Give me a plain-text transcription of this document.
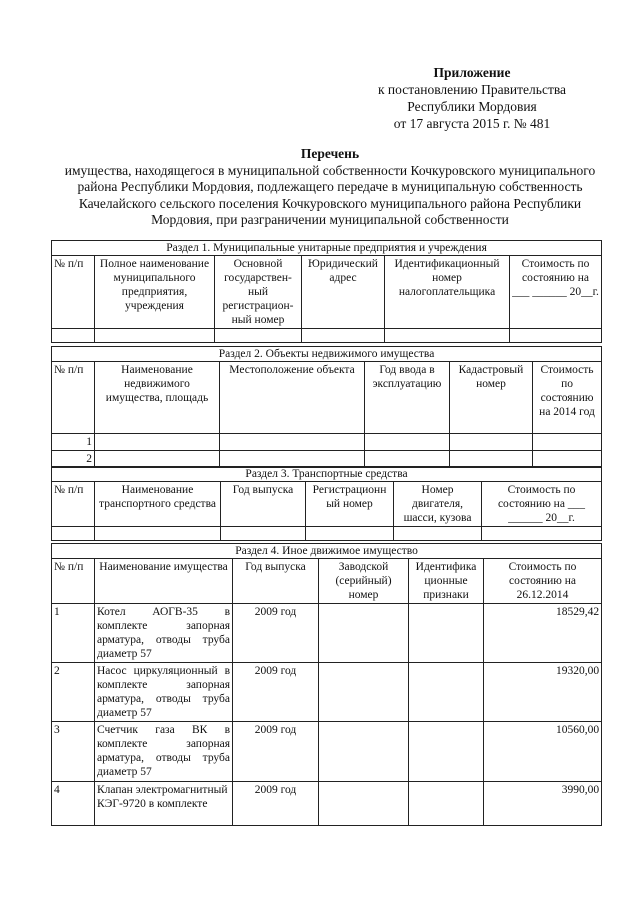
Приложение
к постановлению Правительства
Республики Мордовия
от 17 августа 2015 г. № 481
Перечень
имущества, находящегося в муниципальной собственности Кочкуровского муниципального района Республики Мордовия, подлежащего передаче в муниципальную собственность Качелайского сельского поселения Кочкуровского муниципального района Республики Мордовия, при разграничении муниципальной собственности
Раздел 1. Муниципальные унитарные предприятия и учреждения					
№ п/п	Полное наименование муниципального предприятия, учреждения	Основной государствен-ный регистрацион-ный номер	Юридический адрес	Идентификационный номер налогоплательщика	Стоимость по состоянию на ___ ______ 20__г.

Раздел 2. Объекты недвижимого имущества					
№ п/п	Наименование недвижимого имущества, площадь	Местоположение объекта	Год ввода в эксплуатацию	Кадастровый номер	Стоимость по состоянию на 2014 год
1					
2					
Раздел 3. Транспортные средства					
№ п/п	Наименование транспортного средства	Год выпуска	Регистрационн ый номер	Номер двигателя, шасси, кузова	Стоимость по состоянию на ___ ______ 20__г.

Раздел 4. Иное движимое имущество					
№ п/п	Наименование имущества	Год выпуска	Заводской (серийный) номер	Идентифика ционные признаки	Стоимость по состоянию на 26.12.2014
1	Котел АОГВ-35 в комплекте запорная арматура, отводы труба диаметр 57	2009 год			18529,42
2	Насос циркуляционный в комплекте запорная арматура, отводы труба диаметр 57	2009 год			19320,00
3	Счетчик газа ВК в комплекте запорная арматура, отводы труба диаметр 57	2009 год			10560,00
4	Клапан электромагнитный КЭГ-9720 в комплекте	2009 год			3990,00
